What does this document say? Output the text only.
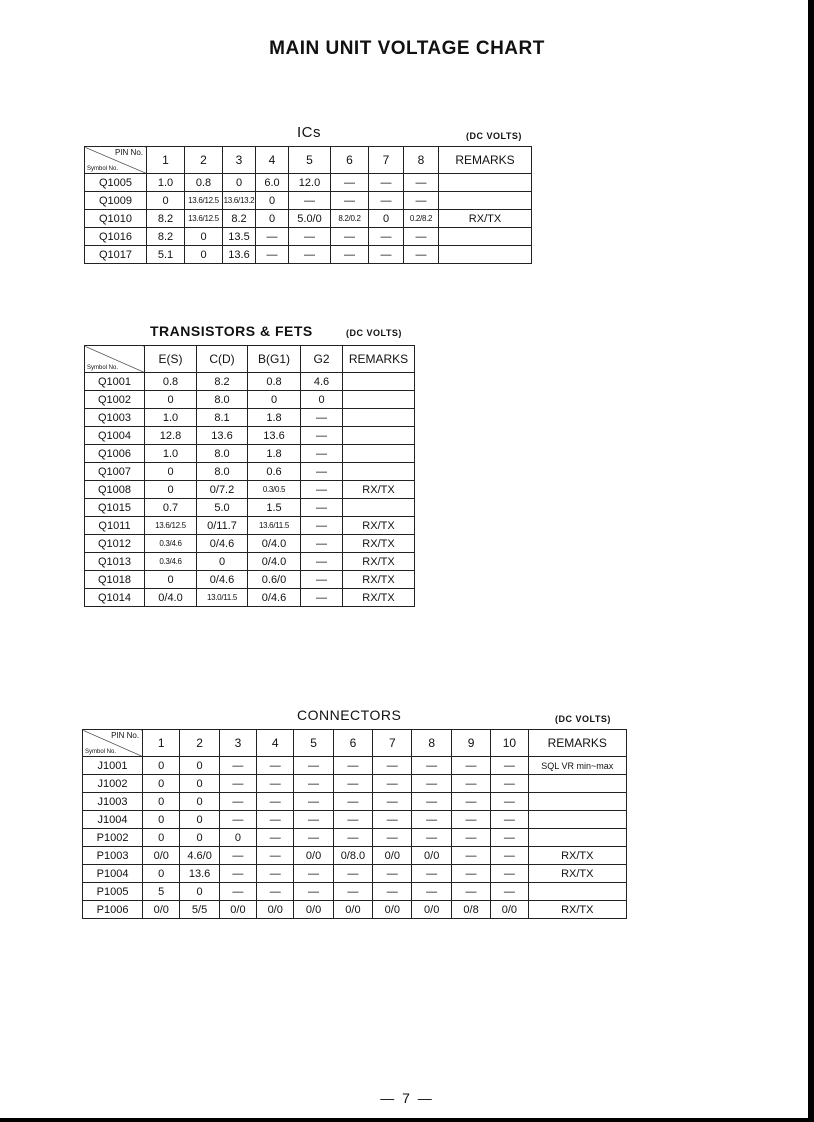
MAIN UNIT VOLTAGE CHART
ICs	(DC VOLTS)
PIN No.
Symbol No.	1	2	3	4	5	6	7	8	REMARKS
Q1005	1.0	0.8	0	6.0	12.0	—	—	—	
Q1009	0	13.6/12.5	13.6/13.2	0	—	—	—	—	
Q1010	8.2	13.6/12.5	8.2	0	5.0/0	8.2/0.2	0	0.2/8.2	RX/TX
Q1016	8.2	0	13.5	—	—	—	—	—	
Q1017	5.1	0	13.6	—	—	—	—	—	
TRANSISTORS & FETS	(DC VOLTS)
Symbol No.	E(S)	C(D)	B(G1)	G2	REMARKS
Q1001	0.8	8.2	0.8	4.6	
Q1002	0	8.0	0	0	
Q1003	1.0	8.1	1.8	—	
Q1004	12.8	13.6	13.6	—	
Q1006	1.0	8.0	1.8	—	
Q1007	0	8.0	0.6	—	
Q1008	0	0/7.2	0.3/0.5	—	RX/TX
Q1015	0.7	5.0	1.5	—	
Q1011	13.6/12.5	0/11.7	13.6/11.5	—	RX/TX
Q1012	0.3/4.6	0/4.6	0/4.0	—	RX/TX
Q1013	0.3/4.6	0	0/4.0	—	RX/TX
Q1018	0	0/4.6	0.6/0	—	RX/TX
Q1014	0/4.0	13.0/11.5	0/4.6	—	RX/TX
CONNECTORS	(DC VOLTS)
PIN No.
Symbol No.	1	2	3	4	5	6	7	8	9	10	REMARKS
J1001	0	0	—	—	—	—	—	—	—	—	SQL VR min~max
J1002	0	0	—	—	—	—	—	—	—	—	
J1003	0	0	—	—	—	—	—	—	—	—	
J1004	0	0	—	—	—	—	—	—	—	—	
P1002	0	0	0	—	—	—	—	—	—	—	
P1003	0/0	4.6/0	—	—	0/0	0/8.0	0/0	0/0	—	—	RX/TX
P1004	0	13.6	—	—	—	—	—	—	—	—	RX/TX
P1005	5	0	—	—	—	—	—	—	—	—	
P1006	0/0	5/5	0/0	0/0	0/0	0/0	0/0	0/0	0/8	0/0	RX/TX
— 7 —
